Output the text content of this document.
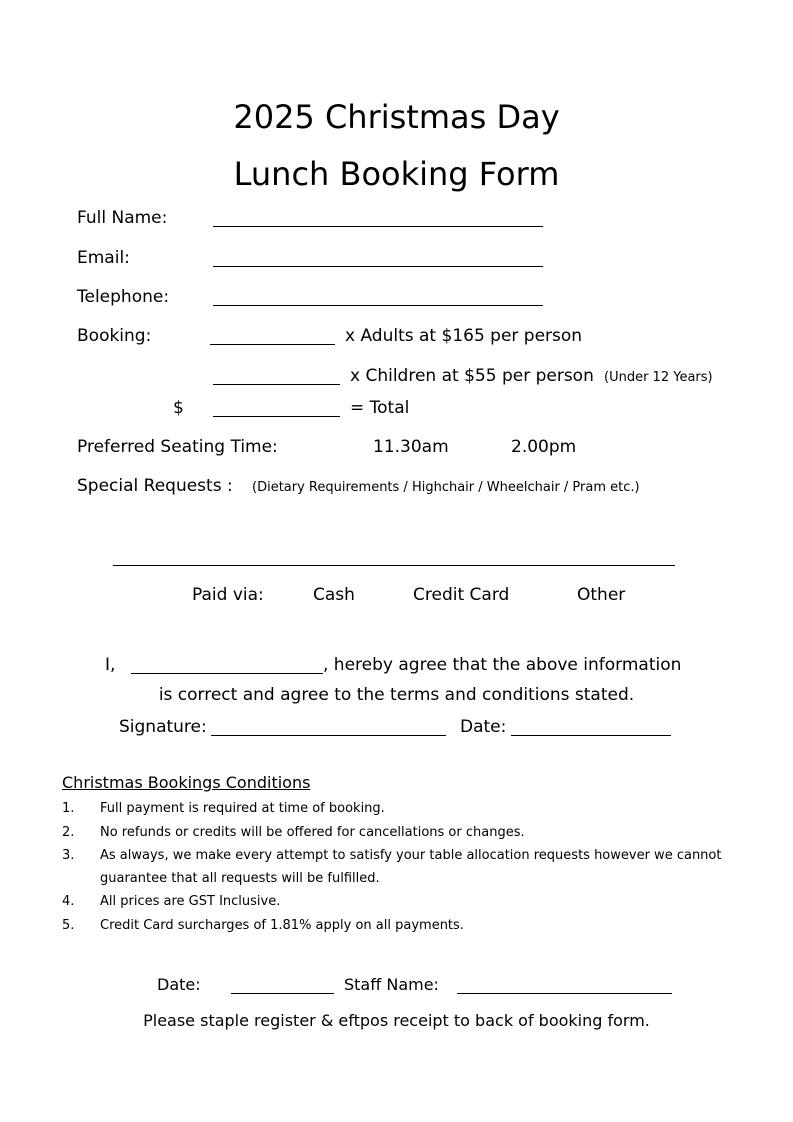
2025 Christmas Day
Lunch Booking Form
Full Name:
Email:
Telephone:
Booking:	x Adults at $165 per person
x Children at $55 per person (Under 12 Years)
$	= Total
Preferred Seating Time:	11.30am	2.00pm
Special Requests : (Dietary Requirements / Highchair / Wheelchair / Pram etc.)
Paid via:	Cash	Credit Card	Other
I,	, hereby agree that the above information
is correct and agree to the terms and conditions stated.
Signature:	Date:
Christmas Bookings Conditions
1. Full payment is required at time of booking.
2. No refunds or credits will be offered for cancellations or changes.
3. As always, we make every attempt to satisfy your table allocation requests however we cannot
guarantee that all requests will be fulfilled.
4. All prices are GST Inclusive.
5. Credit Card surcharges of 1.81% apply on all payments.
Date:	Staff Name:
Please staple register & eftpos receipt to back of booking form.
